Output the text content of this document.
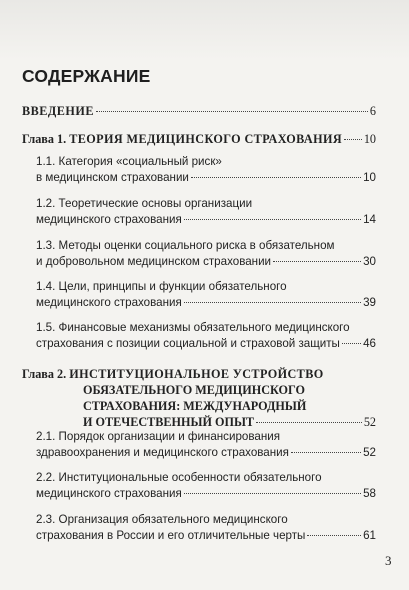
СОДЕРЖАНИЕ
ВВЕДЕНИЕ	6
Глава 1. ТЕОРИЯ МЕДИЦИНСКОГО СТРАХОВАНИЯ 10
1.1. Категория «социальный риск»
в медицинском страховании	10
1.2. Теоретические основы организации
медицинского страхования	14
1.3. Методы оценки социального риска в обязательном
и добровольном медицинском страховании	30
1.4. Цели, принципы и функции обязательного
медицинского страхования	39
1.5. Финансовые механизмы обязательного медицинского
страхования с позиции социальной и страховой защиты 46
Глава 2. ИНСТИТУЦИОНАЛЬНОЕ УСТРОЙСТВО
ОБЯЗАТЕЛЬНОГО МЕДИЦИНСКОГО
СТРАХОВАНИЯ: МЕЖДУНАРОДНЫЙ
И ОТЕЧЕСТВЕННЫЙ ОПЫТ	52
2.1. Порядок организации и финансирования
здравоохранения и медицинского страхования	52
2.2. Институциональные особенности обязательного
медицинского страхования	58
2.3. Организация обязательного медицинского
страхования в России и его отличительные черты	61
3
